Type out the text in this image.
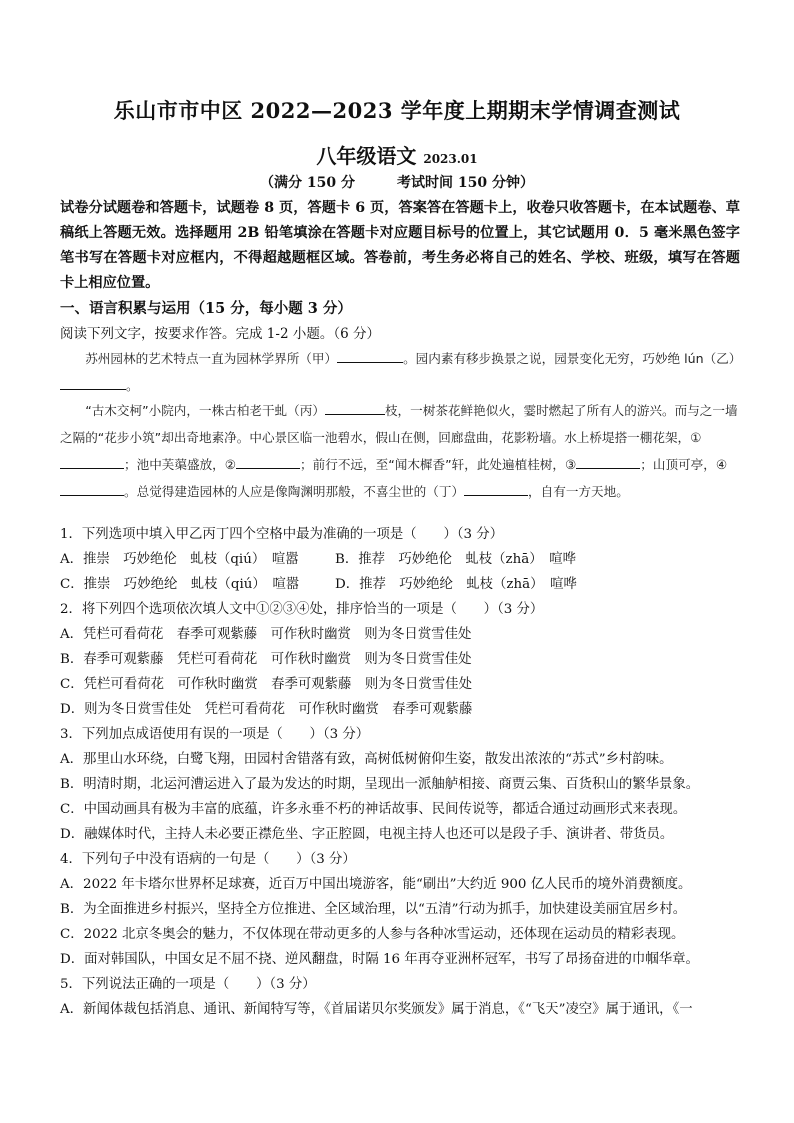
乐山市市中区 2022—2023 学年度上期期末学情调查测试
八年级语文 2023.01
（满分 150 分　　　	考试时间 150 分钟）
试卷分试题卷和答题卡，试题卷 8 页，答题卡 6 页，答案答在答题卡上，收卷只收答题卡，在本试题卷、草稿纸上答题无效。选择题用 2B 铅笔填涂在答题卡对应题目标号的位置上，其它试题用 0．5 毫米黑色签字笔书写在答题卡对应框内，不得超越题框区域。答卷前，考生务必将自己的姓名、学校、班级，填写在答题卡上相应位置。
一、语言积累与运用（15 分，每小题 3 分）
阅读下列文字，按要求作答。完成 1-2 小题。（6 分）
　　苏州园林的艺术特点一直为园林学界所（甲）	。园内素有移步换景之说，园景变化无穷，巧妙绝 lún（乙）。
　　“古木交柯”小院内，一株古柏老干虬（丙）	枝，一树茶花鲜艳似火，霎时燃起了所有人的游兴。而与之一墙之隔的“花步小筑”却出奇地素净。中心景区临一池碧水，假山在侧，回廊盘曲，花影粉墙。水上桥堤搭一棚花架，①；池中芙蕖盛放，②	；前行不远，至“闻木樨香”轩，此处遍植桂树，③	；山顶可亭，④。总觉得建造园林的人应是像陶渊明那般，不喜尘世的（丁）	，自有一方天地。
1．下列选项中填入甲乙丙丁四个空格中最为准确的一项是（　　）（3 分）
A．推崇　巧妙绝伦　虬枝（qiú）　喧嚣	B．推荐　巧妙绝伦　虬枝（zhā）　喧哗
C．推崇　巧妙绝纶　虬枝（qiú）　喧嚣	D．推荐　巧妙绝纶　虬枝（zhā）　喧哗
2．将下列四个选项依次填人文中①②③④处，排序恰当的一项是（　　）（3 分）
A．凭栏可看荷花　春季可观紫藤　可作秋时幽赏　则为冬日赏雪佳处
B．春季可观紫藤　凭栏可看荷花　可作秋时幽赏　则为冬日赏雪佳处
C．凭栏可看荷花　可作秋时幽赏　春季可观紫藤　则为冬日赏雪佳处
D．则为冬日赏雪佳处　凭栏可看荷花　可作秋时幽赏　春季可观紫藤
3．下列加点成语使用有误的一项是（　　）（3 分）
A．那里山水环绕，白鹭飞翔，田园村舍错落有致，高树低树俯仰生姿，散发出浓浓的“苏式”乡村韵味。
B．明清时期，北运河漕运进入了最为发达的时期，呈现出一派舳舻相接、商贾云集、百货积山的繁华景象。
C．中国动画具有极为丰富的底蕴，许多永垂不朽的神话故事、民间传说等，都适合通过动画形式来表现。
D．融媒体时代，主持人未必要正襟危坐、字正腔圆，电视主持人也还可以是段子手、演讲者、带货员。
4．下列句子中没有语病的一句是（　　）（3 分）
A．2022 年卡塔尔世界杯足球赛，近百万中国出境游客，能“刷出”大约近 900 亿人民币的境外消费额度。
B．为全面推进乡村振兴，坚持全方位推进、全区域治理，以“五清”行动为抓手，加快建设美丽宜居乡村。
C．2022 北京冬奥会的魅力，不仅体现在带动更多的人参与各种冰雪运动，还体现在运动员的精彩表现。
D．面对韩国队，中国女足不屈不挠、逆风翻盘，时隔 16 年再夺亚洲杯冠军，书写了昂扬奋进的巾帼华章。
5．下列说法正确的一项是（　　）（3 分）
A．新闻体裁包括消息、通讯、新闻特写等，《首届诺贝尔奖颁发》属于消息，《“飞天”凌空》属于通讯，《一
